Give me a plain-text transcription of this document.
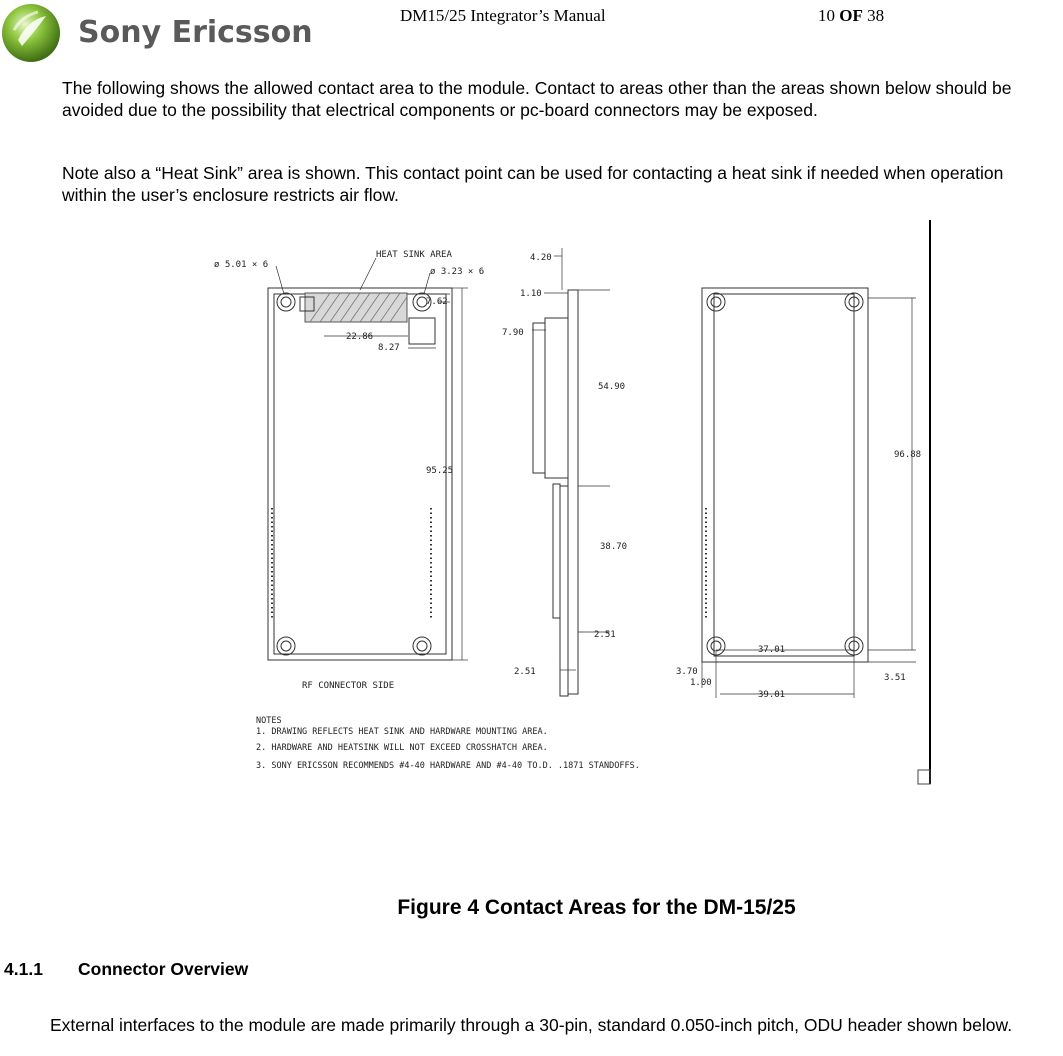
Sony Ericsson	DM15/25 Integrator’s Manual	10 OF 38

The following shows the allowed contact area to the module. Contact to areas other than the areas shown below should be avoided due to the possibility that electrical components or pc-board connectors may be exposed.

Note also a “Heat Sink” area is shown. This contact point can be used for contacting a heat sink if needed when operation within the user’s enclosure restricts air flow.

ø 5.01 × 6
HEAT SINK AREA
ø 3.23 × 6
7.62
22.86
8.27
95.25
RF CONNECTOR SIDE
4.20
1.10
7.90
54.90
38.70
2.51
2.51
96.88
37.01
3.70
1.00
39.01
3.51
NOTES
1. DRAWING REFLECTS HEAT SINK AND HARDWARE MOUNTING AREA.
2. HARDWARE AND HEATSINK WILL NOT EXCEED CROSSHATCH AREA.
3. SONY ERICSSON RECOMMENDS #4-40 HARDWARE AND #4-40 TO.D. .1871 STANDOFFS.
Figure 4 Contact Areas for the DM-15/25
4.1.1 Connector Overview

External interfaces to the module are made primarily through a 30-pin, standard 0.050-inch pitch, ODU header shown below.
